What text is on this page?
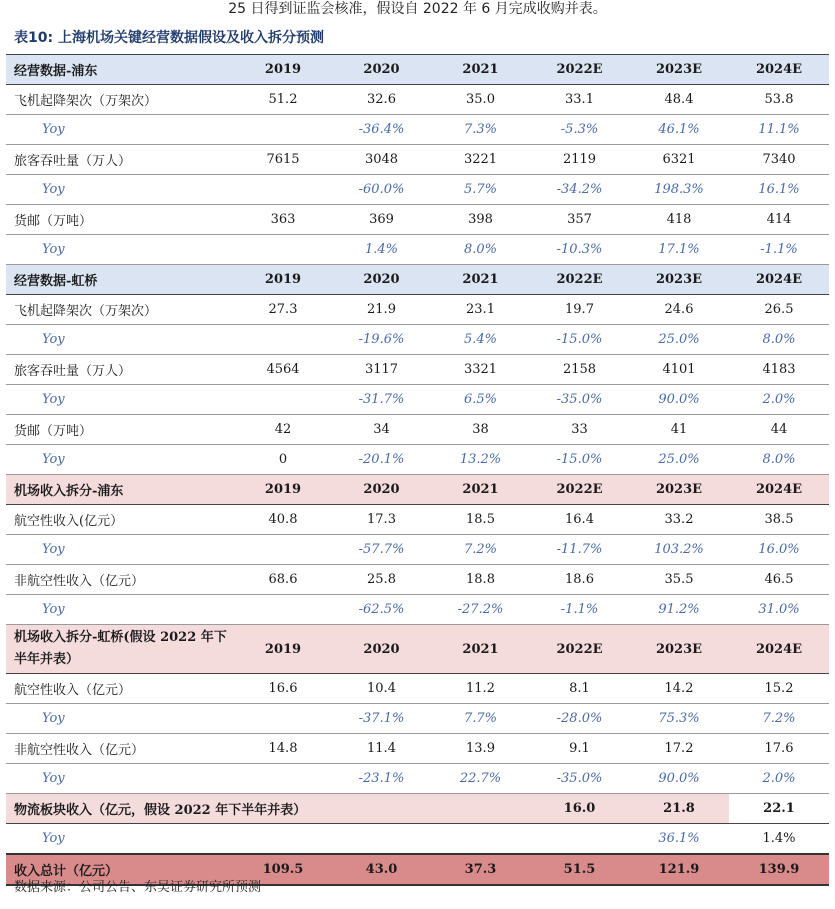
25 日得到证监会核准，假设自 2022 年 6 月完成收购并表。
表10: 上海机场关键经营数据假设及收入拆分预测
经营数据-浦东	2019	2020	2021	2022E	2023E	2024E
飞机起降架次（万架次）	51.2	32.6	35.0	33.1	48.4	53.8
Yoy		-36.4%	7.3%	-5.3%	46.1%	11.1%
旅客吞吐量（万人）	7615	3048	3221	2119	6321	7340
Yoy		-60.0%	5.7%	-34.2%	198.3%	16.1%
货邮（万吨）	363	369	398	357	418	414
Yoy		1.4%	8.0%	-10.3%	17.1%	-1.1%
经营数据-虹桥	2019	2020	2021	2022E	2023E	2024E
飞机起降架次（万架次）	27.3	21.9	23.1	19.7	24.6	26.5
Yoy		-19.6%	5.4%	-15.0%	25.0%	8.0%
旅客吞吐量（万人）	4564	3117	3321	2158	4101	4183
Yoy		-31.7%	6.5%	-35.0%	90.0%	2.0%
货邮（万吨）	42	34	38	33	41	44
Yoy	0	-20.1%	13.2%	-15.0%	25.0%	8.0%
机场收入拆分-浦东	2019	2020	2021	2022E	2023E	2024E
航空性收入(亿元）	40.8	17.3	18.5	16.4	33.2	38.5
Yoy		-57.7%	7.2%	-11.7%	103.2%	16.0%
非航空性收入（亿元）	68.6	25.8	18.8	18.6	35.5	46.5
Yoy		-62.5%	-27.2%	-1.1%	91.2%	31.0%
机场收入拆分-虹桥(假设 2022 年下半年并表）	2019	2020	2021	2022E	2023E	2024E
航空性收入（亿元）	16.6	10.4	11.2	8.1	14.2	15.2
Yoy		-37.1%	7.7%	-28.0%	75.3%	7.2%
非航空性收入（亿元）	14.8	11.4	13.9	9.1	17.2	17.6
Yoy		-23.1%	22.7%	-35.0%	90.0%	2.0%
物流板块收入（亿元，假设 2022 年下半年并表）				16.0	21.8	22.1
Yoy					36.1%	1.4%
收入总计（亿元）	109.5	43.0	37.3	51.5	121.9	139.9
数据来源：公司公告、东吴证券研究所预测
